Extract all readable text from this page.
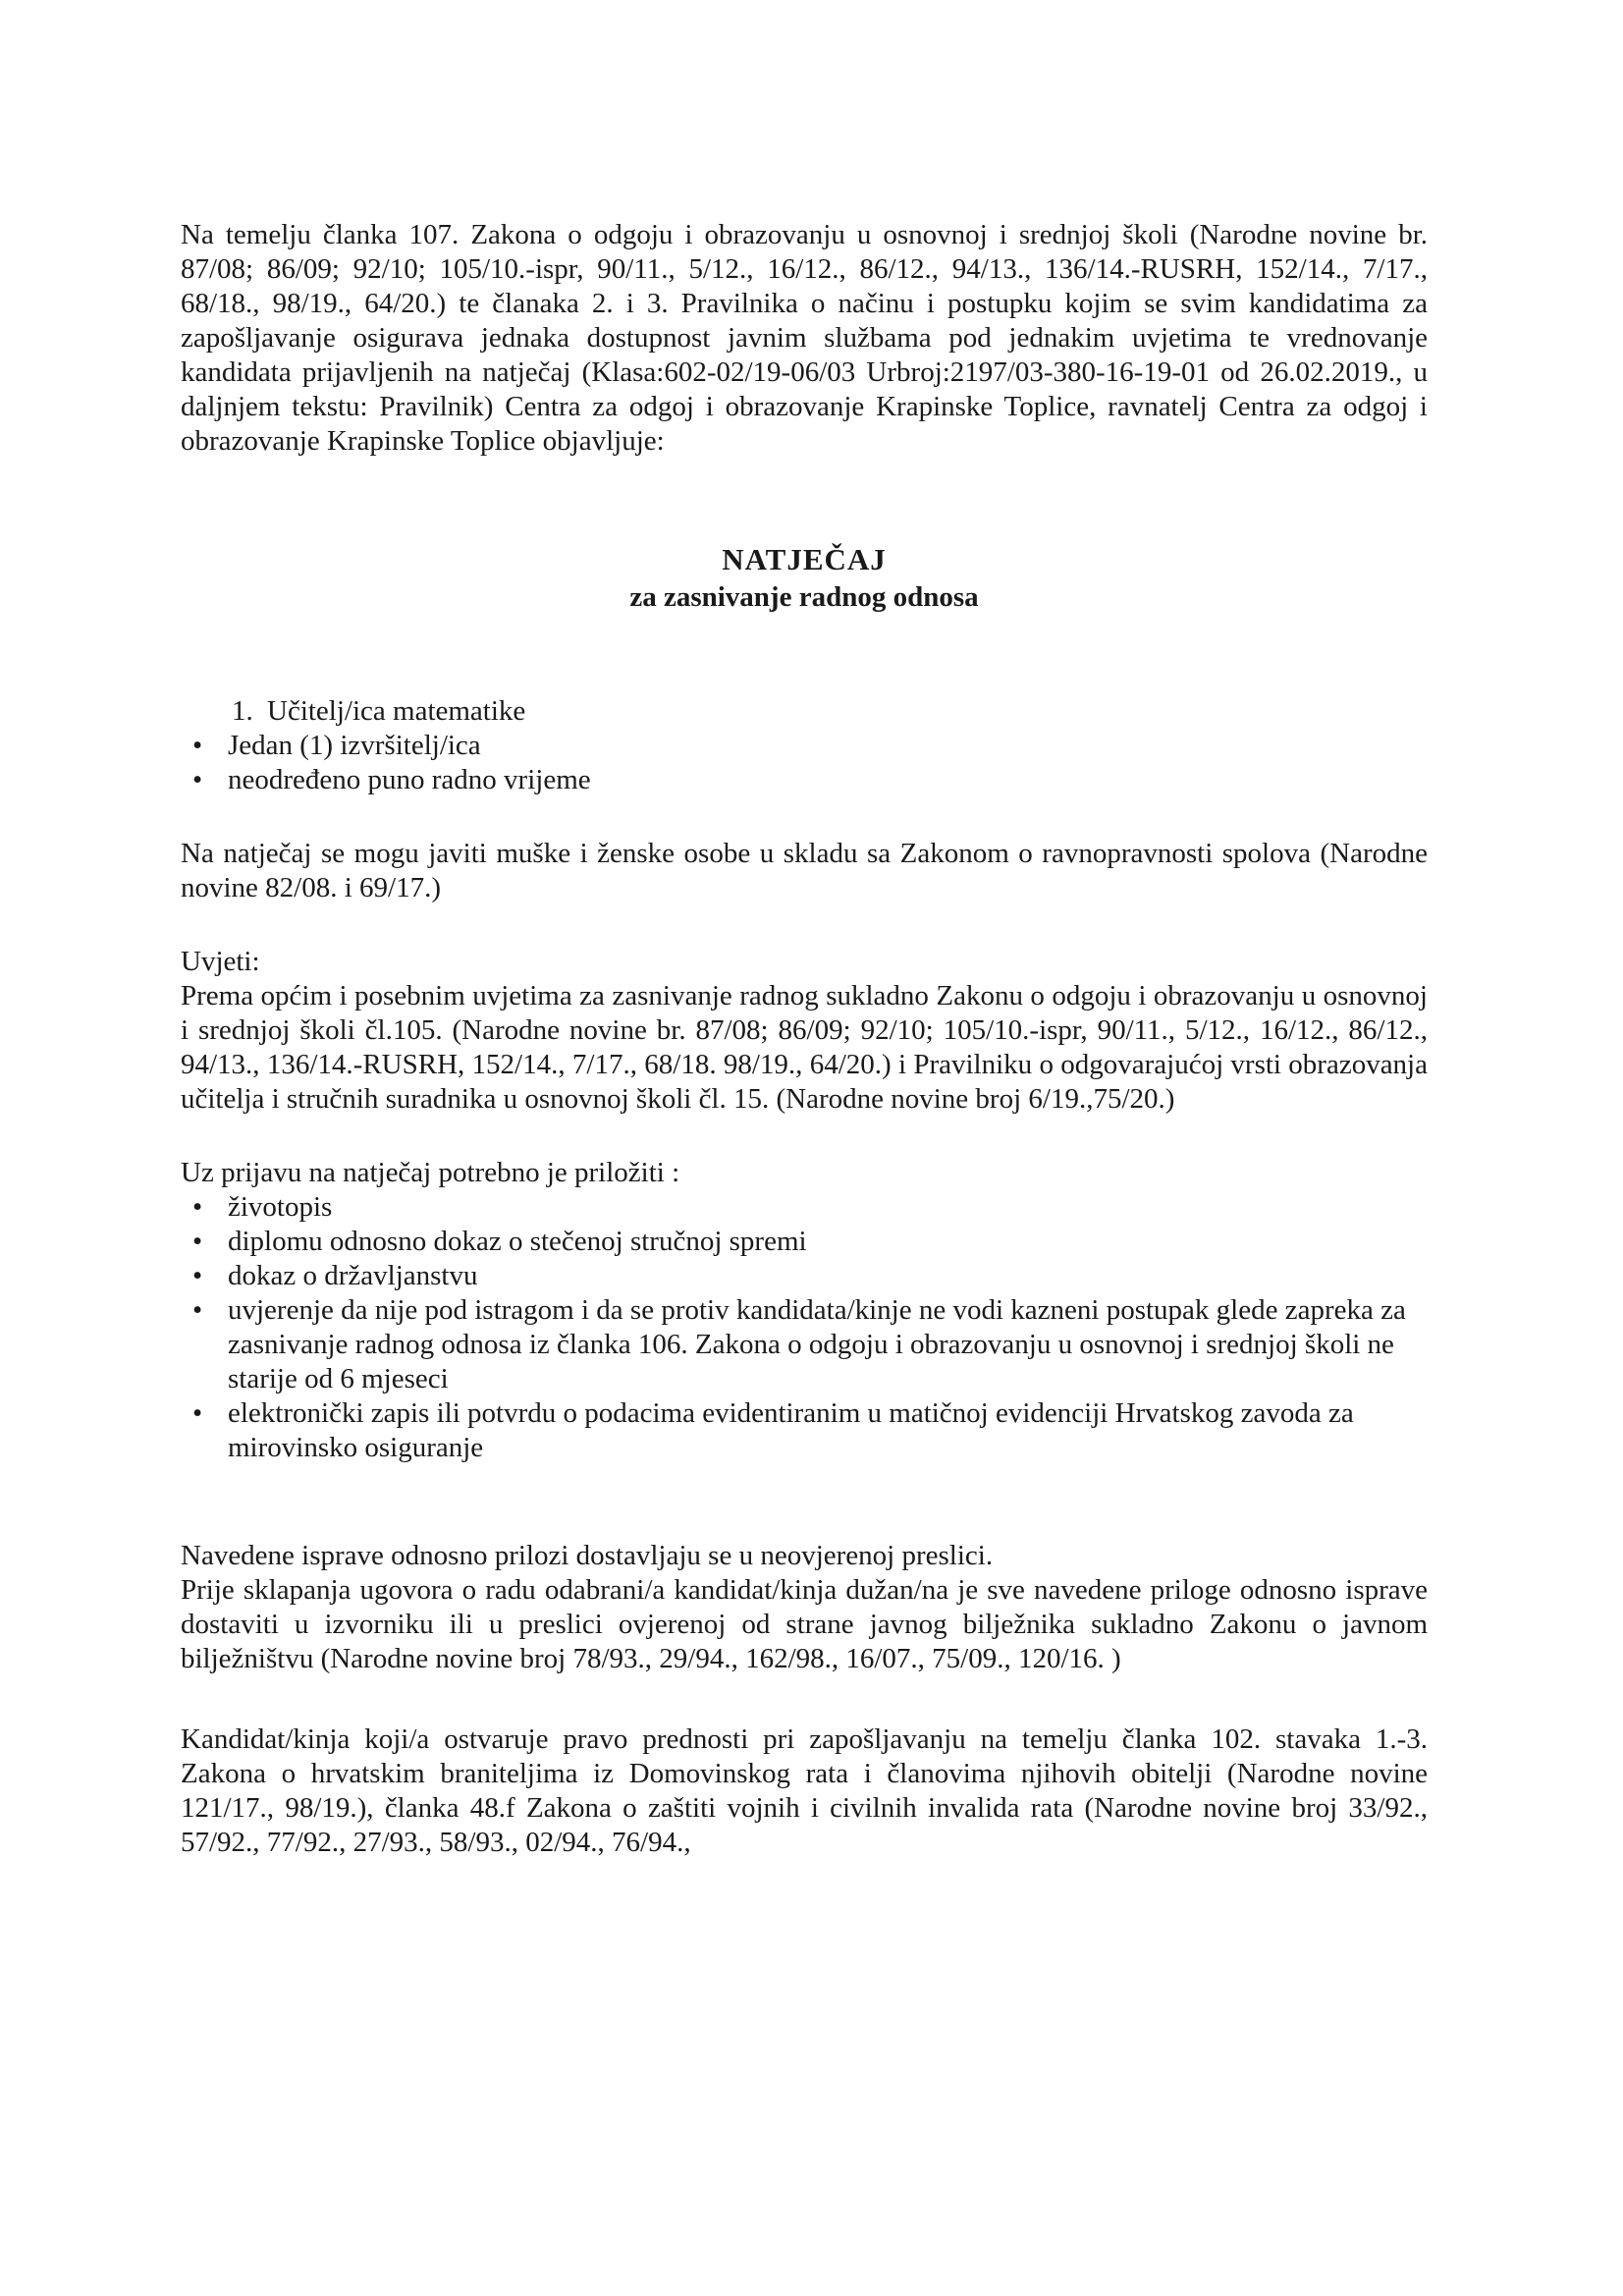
Na temelju članka 107. Zakona o odgoju i obrazovanju u osnovnoj i srednjoj školi (Narodne novine br. 87/08; 86/09; 92/10; 105/10.-ispr, 90/11., 5/12., 16/12., 86/12., 94/13., 136/14.-RUSRH, 152/14., 7/17., 68/18., 98/19., 64/20.) te članaka 2. i 3. Pravilnika o načinu i postupku kojim se svim kandidatima za zapošljavanje osigurava jednaka dostupnost javnim službama pod jednakim uvjetima te vrednovanje kandidata prijavljenih na natječaj (Klasa:602-02/19-06/03 Urbroj:2197/03-380-16-19-01 od 26.02.2019., u daljnjem tekstu: Pravilnik) Centra za odgoj i obrazovanje Krapinske Toplice, ravnatelj Centra za odgoj i obrazovanje Krapinske Toplice objavljuje:

NATJEČAJ
za zasnivanje radnog odnosa
1. Učitelj/ica matematike
• Jedan (1) izvršitelj/ica
• neodređeno puno radno vrijeme

Na natječaj se mogu javiti muške i ženske osobe u skladu sa Zakonom o ravnopravnosti spolova (Narodne novine 82/08. i 69/17.)

Uvjeti:

Prema općim i posebnim uvjetima za zasnivanje radnog sukladno Zakonu o odgoju i obrazovanju u osnovnoj i srednjoj školi čl.105. (Narodne novine br. 87/08; 86/09; 92/10; 105/10.-ispr, 90/11., 5/12., 16/12., 86/12., 94/13., 136/14.-RUSRH, 152/14., 7/17., 68/18. 98/19., 64/20.) i Pravilniku o odgovarajućoj vrsti obrazovanja učitelja i stručnih suradnika u osnovnoj školi čl. 15. (Narodne novine broj 6/19.,75/20.)

Uz prijavu na natječaj potrebno je priložiti :
• životopis
• diplomu odnosno dokaz o stečenoj stručnoj spremi
• dokaz o državljanstvu
• uvjerenje da nije pod istragom i da se protiv kandidata/kinje ne vodi kazneni postupak glede zapreka za zasnivanje radnog odnosa iz članka 106. Zakona o odgoju i obrazovanju u osnovnoj i srednjoj školi ne starije od 6 mjeseci
• elektronički zapis ili potvrdu o podacima evidentiranim u matičnoj evidenciji Hrvatskog zavoda za mirovinsko osiguranje

Navedene isprave odnosno prilozi dostavljaju se u neovjerenoj preslici.

Prije sklapanja ugovora o radu odabrani/a kandidat/kinja dužan/na je sve navedene priloge odnosno isprave dostaviti u izvorniku ili u preslici ovjerenoj od strane javnog bilježnika sukladno Zakonu o javnom bilježništvu (Narodne novine broj 78/93., 29/94., 162/98., 16/07., 75/09., 120/16. )

Kandidat/kinja koji/a ostvaruje pravo prednosti pri zapošljavanju na temelju članka 102. stavaka 1.-3. Zakona o hrvatskim braniteljima iz Domovinskog rata i članovima njihovih obitelji (Narodne novine 121/17., 98/19.), članka 48.f Zakona o zaštiti vojnih i civilnih invalida rata (Narodne novine broj 33/92., 57/92., 77/92., 27/93., 58/93., 02/94., 76/94.,
